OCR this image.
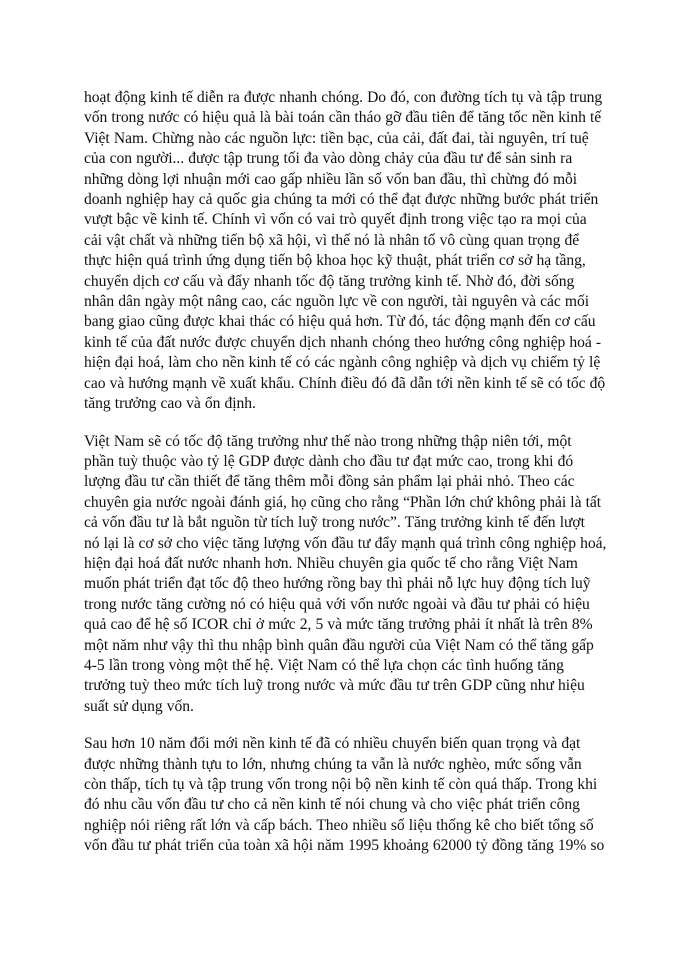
hoạt động kinh tế diễn ra được nhanh chóng. Do đó, con đường tích tụ và tập trung
vốn trong nước có hiệu quả là bài toán cần tháo gỡ đầu tiên để tăng tốc nền kinh tế
Việt Nam. Chừng nào các nguồn lực: tiền bạc, của cải, đất đai, tài nguyên, trí tuệ
của con người... được tập trung tối đa vào dòng chảy của đầu tư để sản sinh ra
những dòng lợi nhuận mới cao gấp nhiều lần số vốn ban đầu, thì chừng đó mỗi
doanh nghiệp hay cả quốc gia chúng ta mới có thể đạt được những bước phát triển
vượt bậc về kinh tế. Chính vì vốn có vai trò quyết định trong việc tạo ra mọi của
cải vật chất và những tiến bộ xã hội, vì thế nó là nhân tố vô cùng quan trọng để
thực hiện quá trình ứng dụng tiến bộ khoa học kỹ thuật, phát triển cơ sở hạ tầng,
chuyển dịch cơ cấu và đẩy nhanh tốc độ tăng trưởng kinh tế. Nhờ đó, đời sống
nhân dân ngày một nâng cao, các nguồn lực về con người, tài nguyên và các mối
bang giao cũng được khai thác có hiệu quả hơn. Từ đó, tác động mạnh đến cơ cấu
kinh tế của đất nước được chuyển dịch nhanh chóng theo hướng công nghiệp hoá -
hiện đại hoá, làm cho nền kinh tế có các ngành công nghiệp và dịch vụ chiếm tỷ lệ
cao và hướng mạnh về xuất khẩu. Chính điều đó đã dẫn tới nền kinh tế sẽ có tốc độ
tăng trưởng cao và ổn định.
Việt Nam sẽ có tốc độ tăng trưởng như thế nào trong những thập niên tới, một
phần tuỳ thuộc vào tỷ lệ GDP được dành cho đầu tư đạt mức cao, trong khi đó
lượng đầu tư cần thiết để tăng thêm mỗi đồng sản phẩm lại phải nhỏ. Theo các
chuyên gia nước ngoài đánh giá, họ cũng cho rằng “Phần lớn chứ không phải là tất
cả vốn đầu tư là bắt nguồn từ tích luỹ trong nước”. Tăng trưởng kinh tế đến lượt
nó lại là cơ sở cho việc tăng lượng vốn đầu tư đẩy mạnh quá trình công nghiệp hoá,
hiện đại hoá đất nước nhanh hơn. Nhiều chuyên gia quốc tế cho rằng Việt Nam
muốn phát triển đạt tốc độ theo hướng rồng bay thì phải nỗ lực huy động tích luỹ
trong nước tăng cường nó có hiệu quả với vốn nước ngoài và đầu tư phải có hiệu
quả cao để hệ số ICOR chỉ ở mức 2, 5 và mức tăng trưởng phải ít nhất là trên 8%
một năm như vậy thì thu nhập bình quân đầu người của Việt Nam có thể tăng gấp
4-5 lần trong vòng một thế hệ. Việt Nam có thể lựa chọn các tình huống tăng
trưởng tuỳ theo mức tích luỹ trong nước và mức đầu tư trên GDP cũng như hiệu
suất sử dụng vốn.
Sau hơn 10 năm đổi mới nền kinh tế đã có nhiều chuyển biến quan trọng và đạt
được những thành tựu to lớn, nhưng chúng ta vẫn là nước nghèo, mức sống vẫn
còn thấp, tích tụ và tập trung vốn trong nội bộ nền kinh tế còn quá thấp. Trong khi
đó nhu cầu vốn đầu tư cho cả nền kinh tế nói chung và cho việc phát triển công
nghiệp nói riêng rất lớn và cấp bách. Theo nhiều số liệu thống kê cho biết tổng số
vốn đầu tư phát triển của toàn xã hội năm 1995 khoảng 62000 tỷ đồng tăng 19% so
